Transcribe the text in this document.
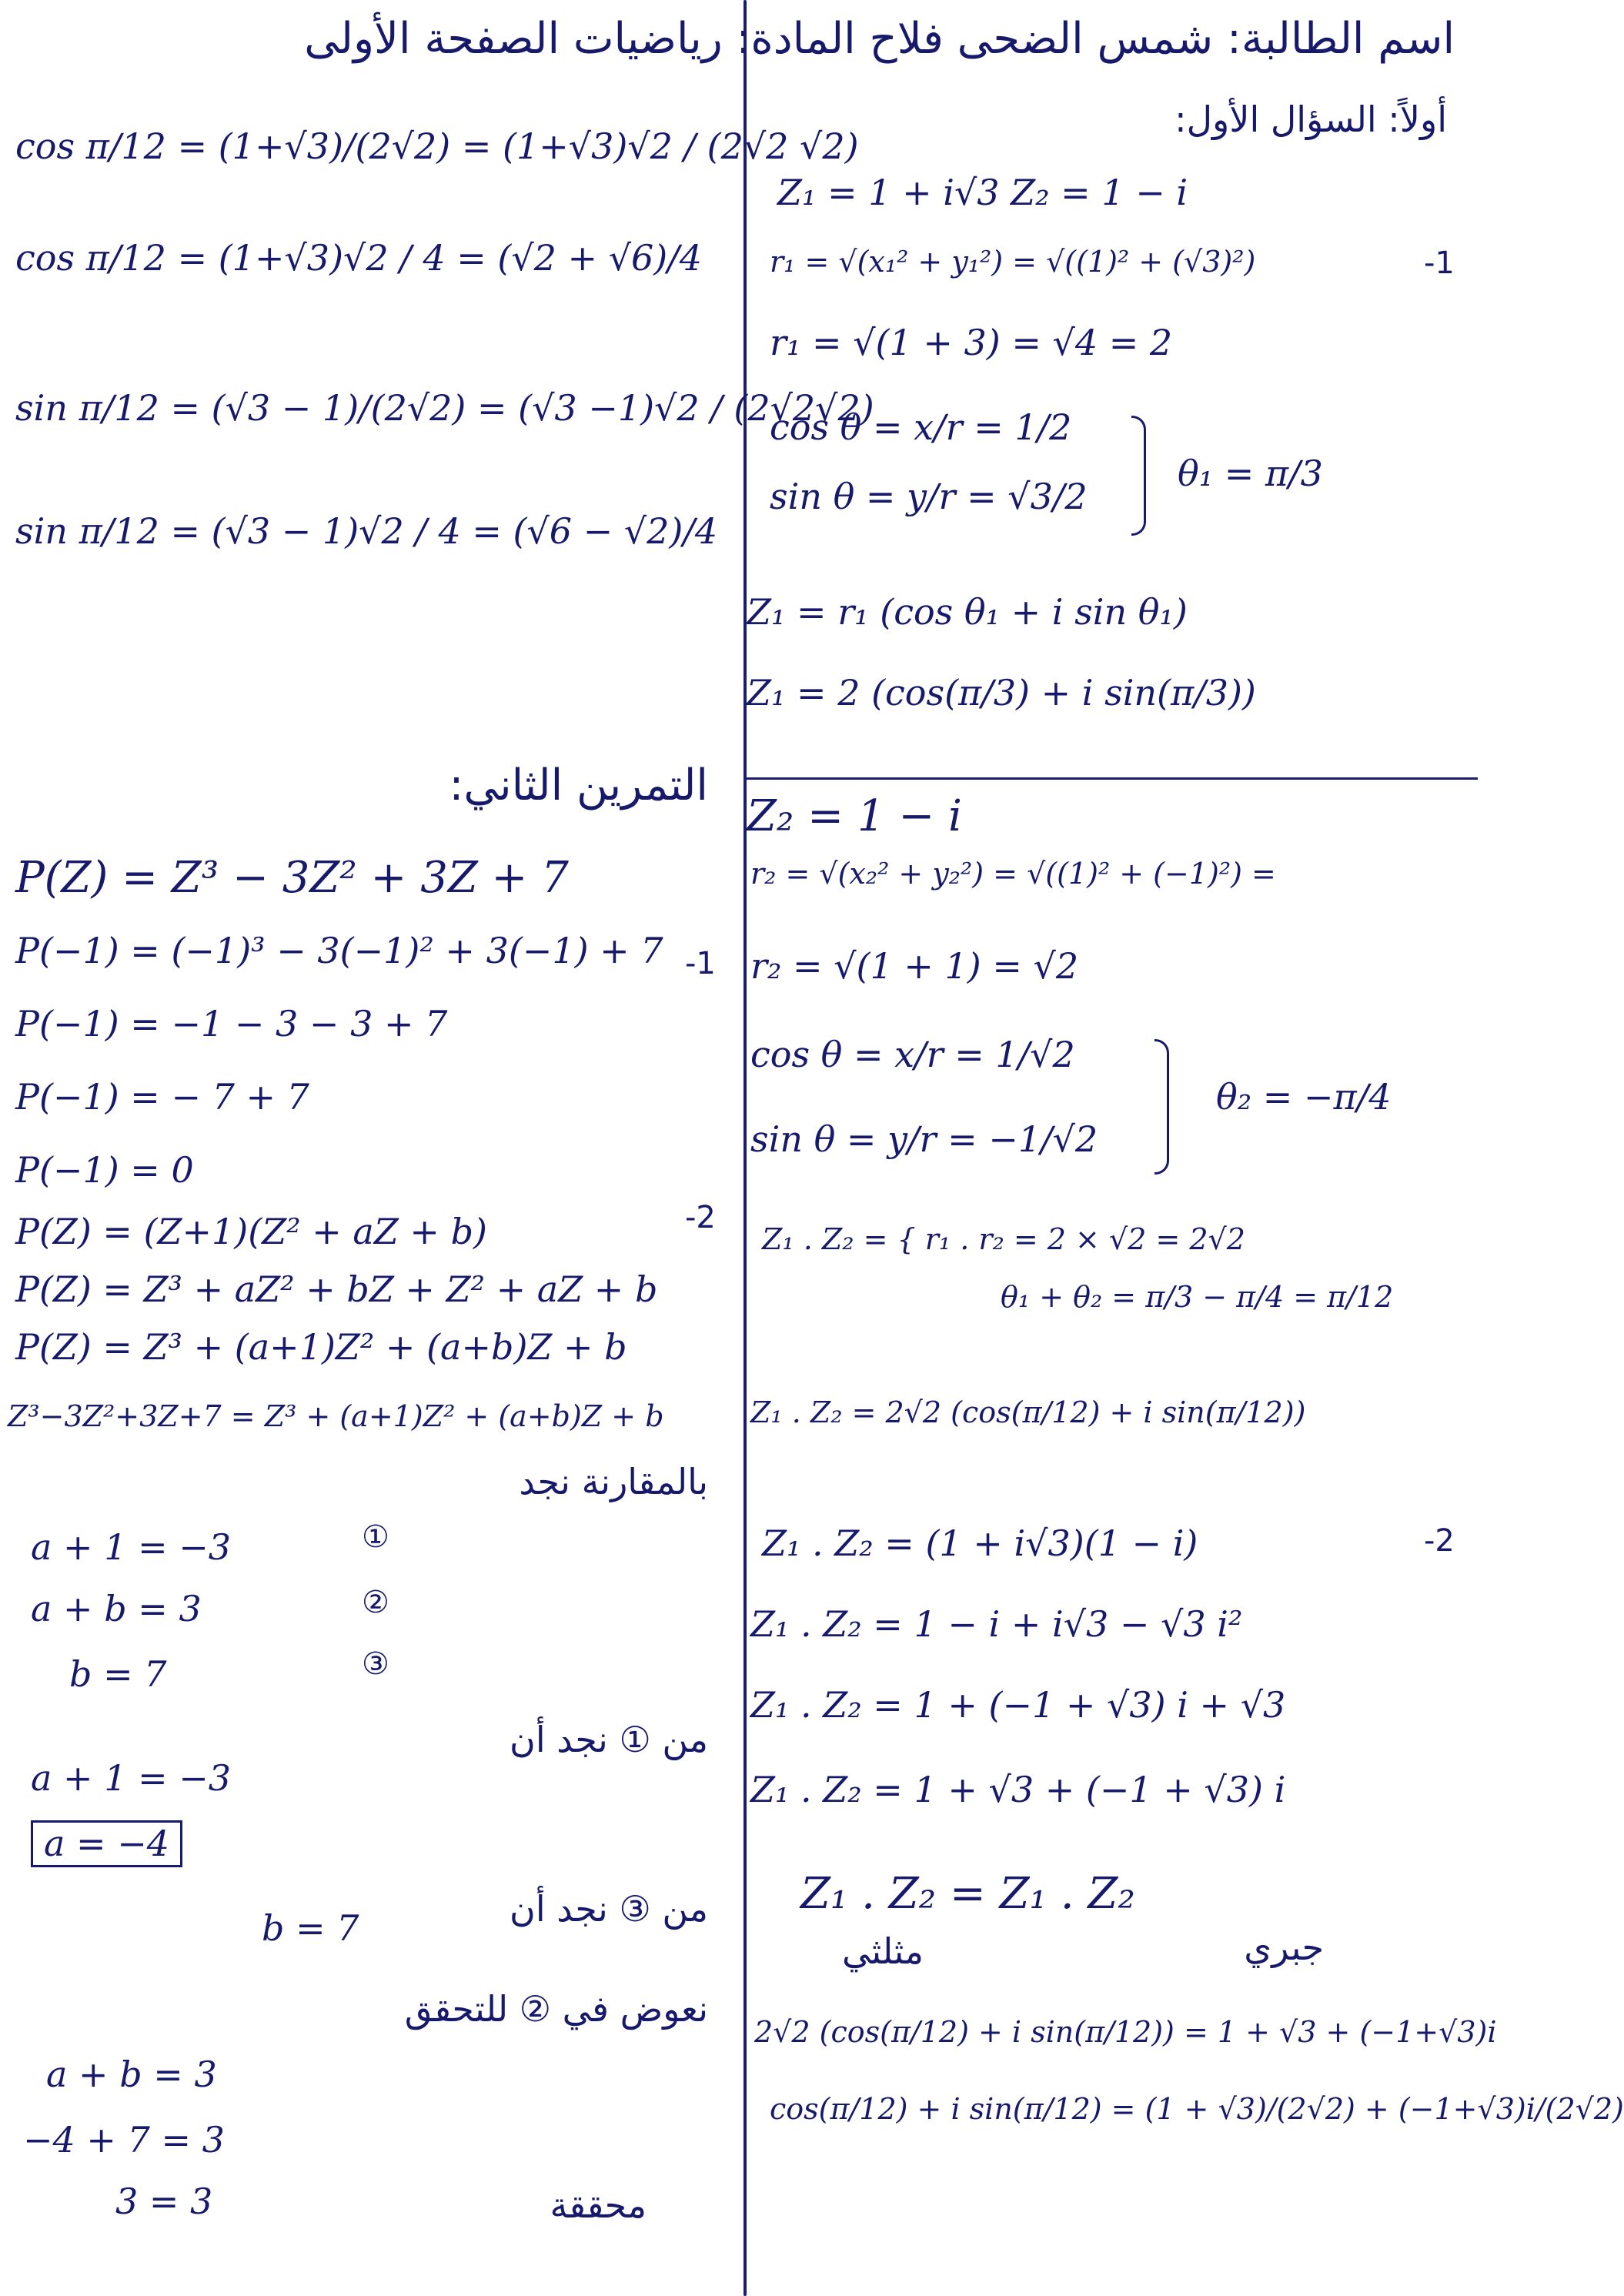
اسم الطالبة: شمس الضحى فلاح المادة: رياضيات الصفحة الأولى
أولاً: السؤال الأول:
cos π/12 = (1+√3)/(2√2) = (1+√3)√2 / (2√2 √2)
cos π/12 = (1+√3)√2 / 4 = (√2 + √6)/4
sin π/12 = (√3 − 1)/(2√2) = (√3 −1)√2 / (2√2√2)
sin π/12 = (√3 − 1)√2 / 4 = (√6 − √2)/4
التمرين الثاني:
P(Z) = Z³ − 3Z² + 3Z + 7
P(−1) = (−1)³ − 3(−1)² + 3(−1) + 7 -1
P(−1) = −1 − 3 − 3 + 7
P(−1) = − 7 + 7
P(−1) = 0
P(Z) = (Z+1)(Z² + aZ + b)	-2
P(Z) = Z³ + aZ² + bZ + Z² + aZ + b
P(Z) = Z³ + (a+1)Z² + (a+b)Z + b
Z³−3Z²+3Z+7 = Z³ + (a+1)Z² + (a+b)Z + b
بالمقارنة نجد
a + 1 = −3	①
a + b = 3	②
b = 7	③
من ① نجد أن
a + 1 = −3
a = −4
من ③ نجد أن
b = 7
نعوض في ② للتحقق
a + b = 3
−4 + 7 = 3
3 = 3	محققة
Z₁ = 1 + i√3 Z₂ = 1 − i
r₁ = √(x₁² + y₁²) = √((1)² + (√3)²)	-1
r₁ = √(1 + 3) = √4 = 2
cos θ = x/r = 1/2
sin θ = y/r = √3/2
θ₁ = π/3
Z₁ = r₁ (cos θ₁ + i sin θ₁)
Z₁ = 2 (cos(π/3) + i sin(π/3))
Z₂ = 1 − i
r₂ = √(x₂² + y₂²) = √((1)² + (−1)²) =
r₂ = √(1 + 1) = √2
cos θ = x/r = 1/√2
sin θ = y/r = −1/√2
θ₂ = −π/4
Z₁ . Z₂ = { r₁ . r₂ = 2 × √2 = 2√2
θ₁ + θ₂ = π/3 − π/4 = π/12
Z₁ . Z₂ = 2√2 (cos(π/12) + i sin(π/12))
Z₁ . Z₂ = (1 + i√3)(1 − i)	-2
Z₁ . Z₂ = 1 − i + i√3 − √3 i²
Z₁ . Z₂ = 1 + (−1 + √3) i + √3
Z₁ . Z₂ = 1 + √3 + (−1 + √3) i
Z₁ . Z₂ = Z₁ . Z₂
مثلثي	جبري
2√2 (cos(π/12) + i sin(π/12)) = 1 + √3 + (−1+√3)i
cos(π/12) + i sin(π/12) = (1 + √3)/(2√2) + (−1+√3)i/(2√2)
